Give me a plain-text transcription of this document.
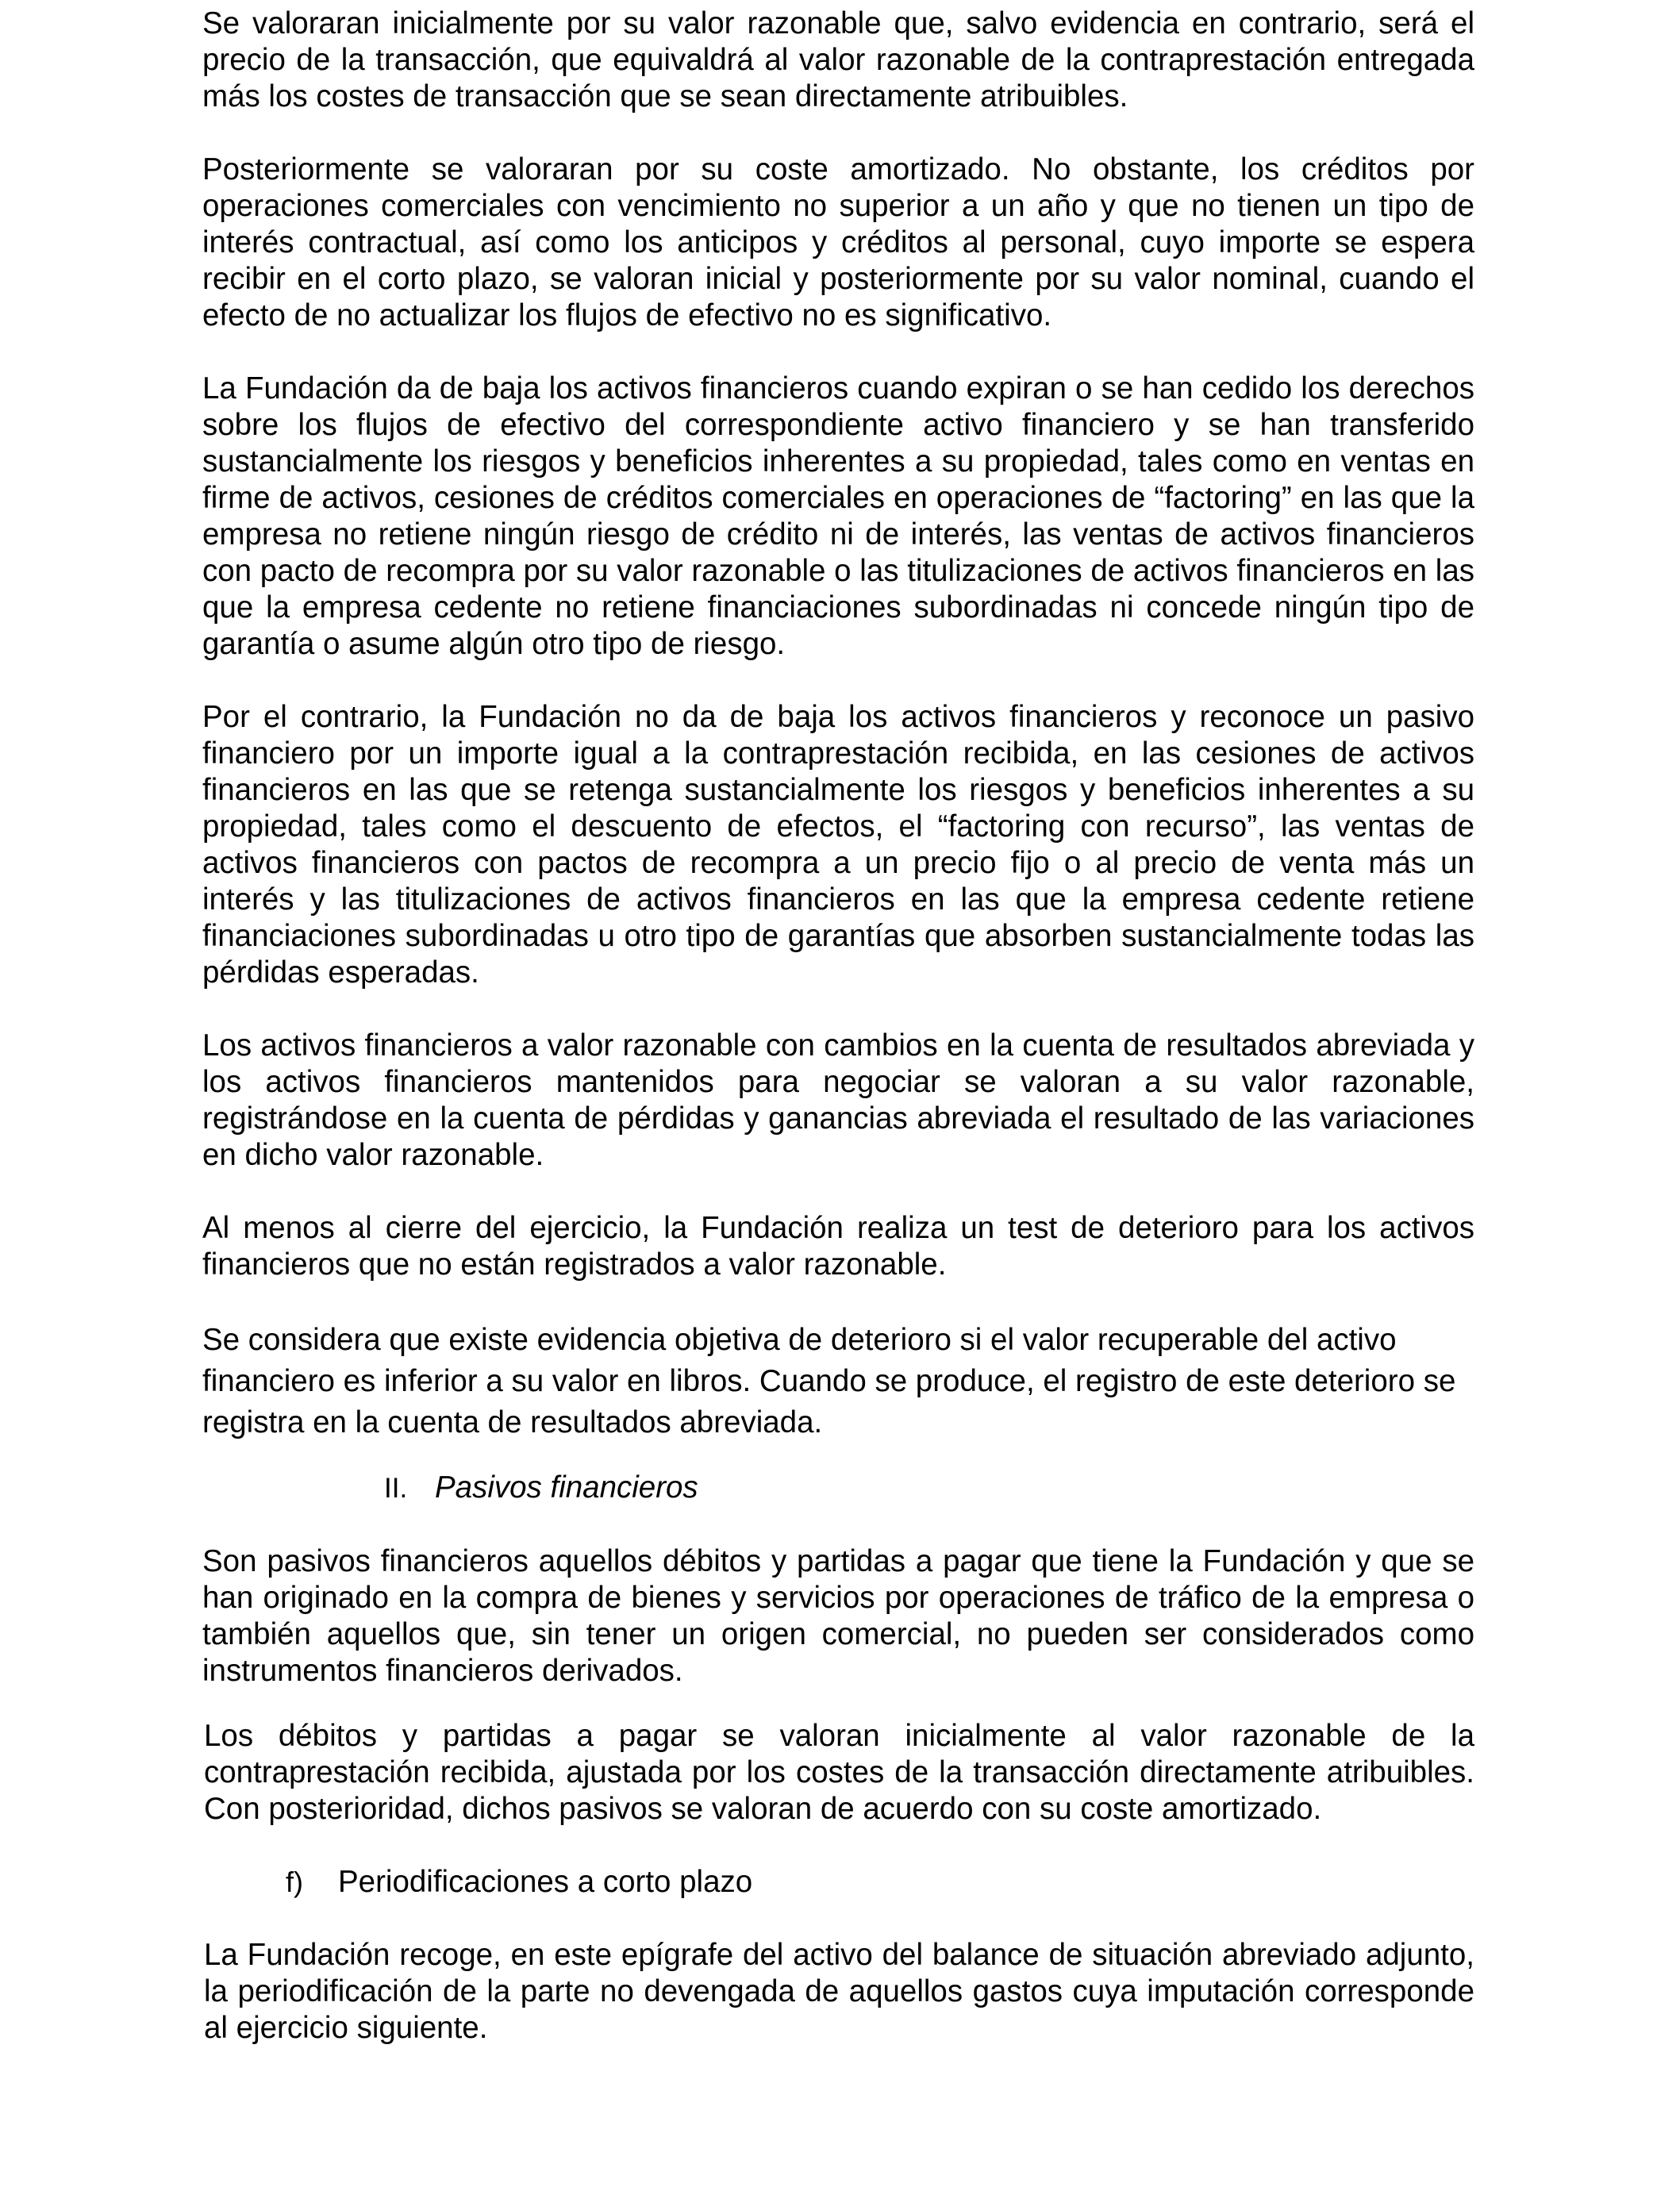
Se valoraran inicialmente por su valor razonable que, salvo evidencia en contrario, será el precio de la transacción, que equivaldrá al valor razonable de la contraprestación entregada más los costes de transacción que se sean directamente atribuibles.

Posteriormente se valoraran por su coste amortizado. No obstante, los créditos por operaciones comerciales con vencimiento no superior a un año y que no tienen un tipo de interés contractual, así como los anticipos y créditos al personal, cuyo importe se espera recibir en el corto plazo, se valoran inicial y posteriormente por su valor nominal, cuando el efecto de no actualizar los flujos de efectivo no es significativo.

La Fundación da de baja los activos financieros cuando expiran o se han cedido los derechos sobre los flujos de efectivo del correspondiente activo financiero y se han transferido sustancialmente los riesgos y beneficios inherentes a su propiedad, tales como en ventas en firme de activos, cesiones de créditos comerciales en operaciones de “factoring” en las que la empresa no retiene ningún riesgo de crédito ni de interés, las ventas de activos financieros con pacto de recompra por su valor razonable o las titulizaciones de activos financieros en las que la empresa cedente no retiene financiaciones subordinadas ni concede ningún tipo de garantía o asume algún otro tipo de riesgo.

Por el contrario, la Fundación no da de baja los activos financieros y reconoce un pasivo financiero por un importe igual a la contraprestación recibida, en las cesiones de activos financieros en las que se retenga sustancialmente los riesgos y beneficios inherentes a su propiedad, tales como el descuento de efectos, el “factoring con recurso”, las ventas de activos financieros con pactos de recompra a un precio fijo o al precio de venta más un interés y las titulizaciones de activos financieros en las que la empresa cedente retiene financiaciones subordinadas u otro tipo de garantías que absorben sustancialmente todas las pérdidas esperadas.

Los activos financieros a valor razonable con cambios en la cuenta de resultados abreviada y los activos financieros mantenidos para negociar se valoran a su valor razonable, registrándose en la cuenta de pérdidas y ganancias abreviada el resultado de las variaciones en dicho valor razonable.

Al menos al cierre del ejercicio, la Fundación realiza un test de deterioro para los activos financieros que no están registrados a valor razonable.

Se considera que existe evidencia objetiva de deterioro si el valor recuperable del activo financiero es inferior a su valor en libros. Cuando se produce, el registro de este deterioro se registra en la cuenta de resultados abreviada.

II. Pasivos financieros

Son pasivos financieros aquellos débitos y partidas a pagar que tiene la Fundación y que se han originado en la compra de bienes y servicios por operaciones de tráfico de la empresa o también aquellos que, sin tener un origen comercial, no pueden ser considerados como instrumentos financieros derivados.

Los débitos y partidas a pagar se valoran inicialmente al valor razonable de la contraprestación recibida, ajustada por los costes de la transacción directamente atribuibles. Con posterioridad, dichos pasivos se valoran de acuerdo con su coste amortizado.

f) Periodificaciones a corto plazo

La Fundación recoge, en este epígrafe del activo del balance de situación abreviado adjunto, la periodificación de la parte no devengada de aquellos gastos cuya imputación corresponde al ejercicio siguiente.
